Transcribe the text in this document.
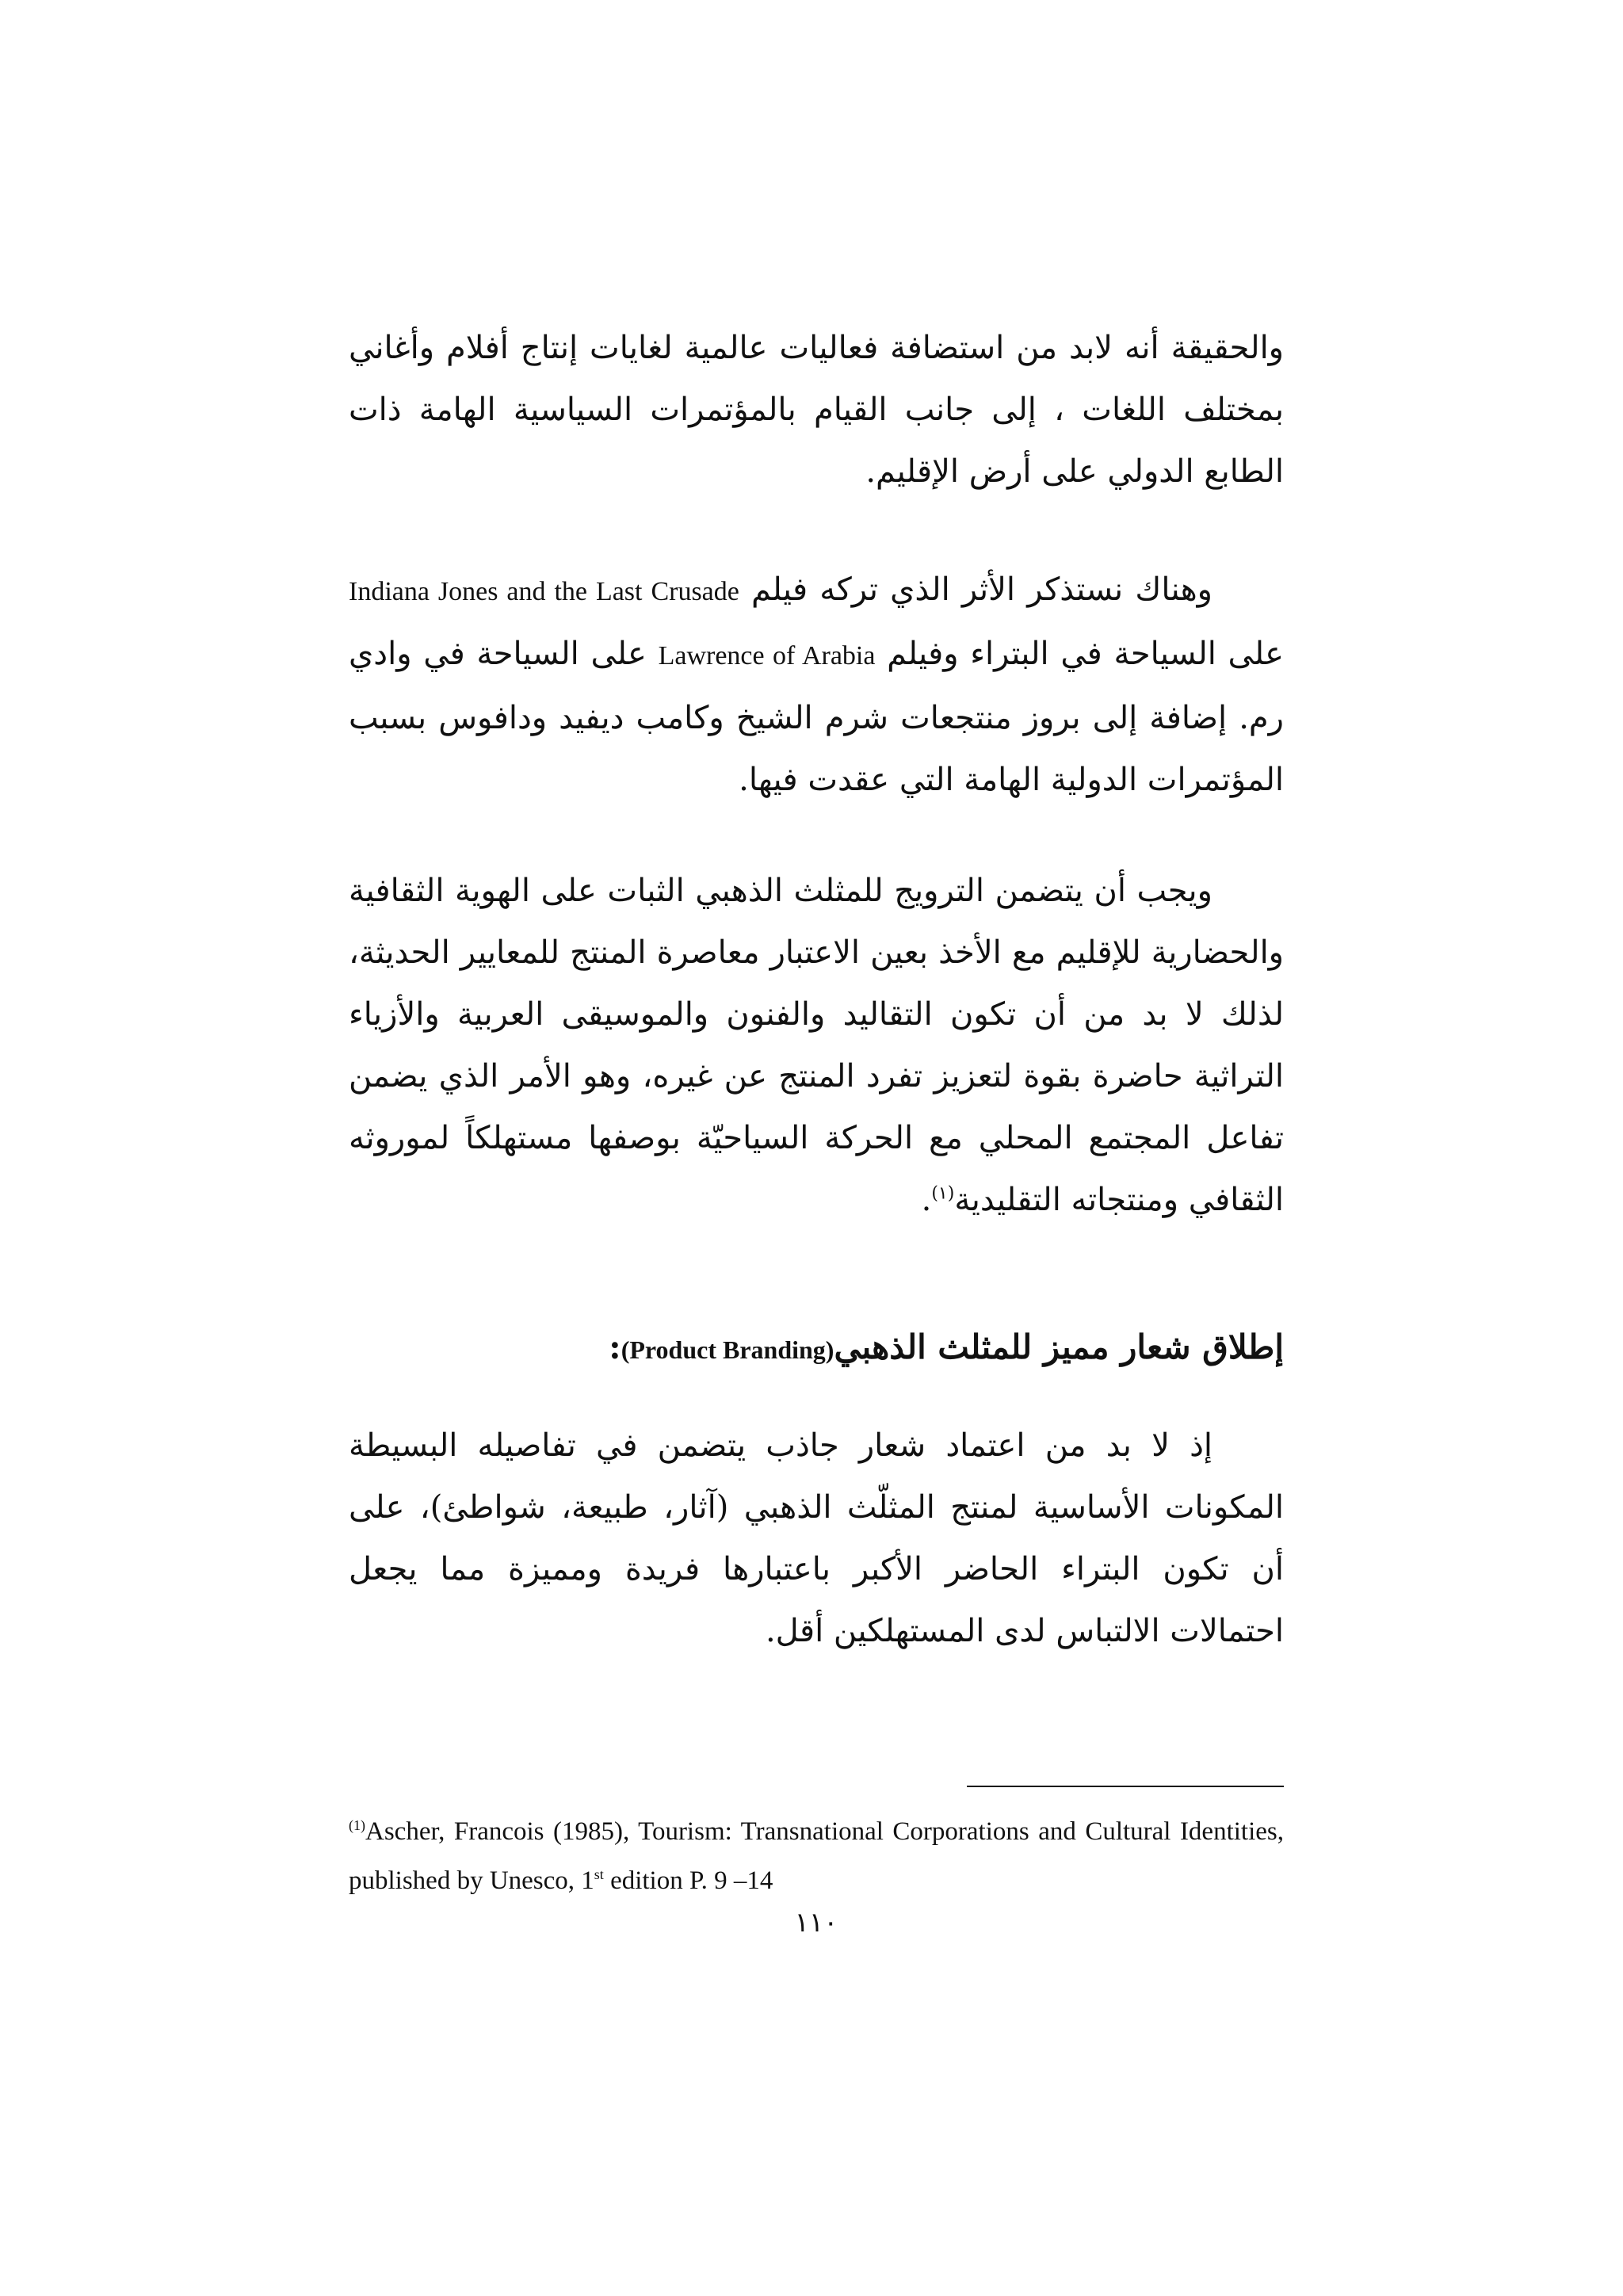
والحقيقة أنه لابد من استضافة فعاليات عالمية لغايات إنتاج أفلام وأغاني بمختلف اللغات ، إلى جانب القيام بالمؤتمرات السياسية الهامة ذات الطابع الدولي على أرض الإقليم.

وهناك نستذكر الأثر الذي تركه فيلم Indiana Jones and the Last Crusade على السياحة في البتراء وفيلم Lawrence of Arabia على السياحة في وادي رم. إضافة إلى بروز منتجعات شرم الشيخ وكامب ديفيد ودافوس بسبب المؤتمرات الدولية الهامة التي عقدت فيها.

ويجب أن يتضمن الترويج للمثلث الذهبي الثبات على الهوية الثقافية والحضارية للإقليم مع الأخذ بعين الاعتبار معاصرة المنتج للمعايير الحديثة، لذلك لا بد من أن تكون التقاليد والفنون والموسيقى العربية والأزياء التراثية حاضرة بقوة لتعزيز تفرد المنتج عن غيره، وهو الأمر الذي يضمن تفاعل المجتمع المحلي مع الحركة السياحيّة بوصفها مستهلكاً لموروثه الثقافي ومنتجاته التقليدية$^{(١)}$.

إطلاق شعار مميز للمثلث الذهبي(Product Branding):

إذ لا بد من اعتماد شعار جاذب يتضمن في تفاصيله البسيطة المكونات الأساسية لمنتج المثلّث الذهبي (آثار، طبيعة، شواطئ)، على أن تكون البتراء الحاضر الأكبر باعتبارها فريدة ومميزة مما يجعل احتمالات الالتباس لدى المستهلكين أقل.

$^{(1)}$Ascher, Francois (1985), Tourism: Transnational Corporations and Cultural Identities, published by Unesco, 1st edition P. 9 –14

١١٠
